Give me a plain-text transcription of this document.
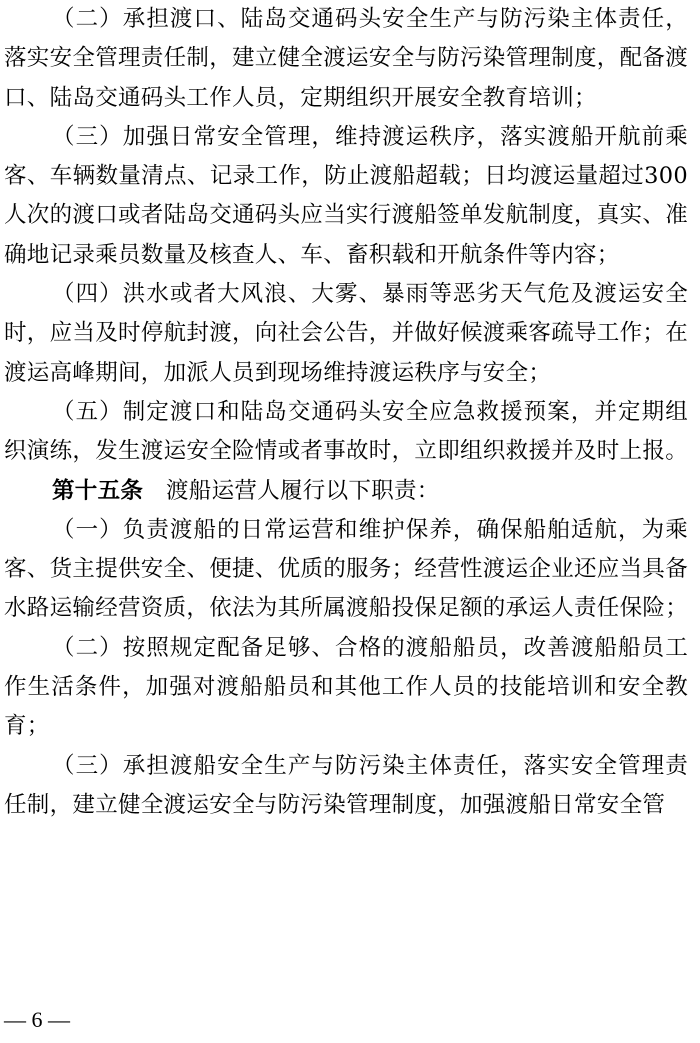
（二）承担渡口、陆岛交通码头安全生产与防污染主体责任，落实安全管理责任制，建立健全渡运安全与防污染管理制度，配备渡口、陆岛交通码头工作人员，定期组织开展安全教育培训；

（三）加强日常安全管理，维持渡运秩序，落实渡船开航前乘客、车辆数量清点、记录工作，防止渡船超载；日均渡运量超过300人次的渡口或者陆岛交通码头应当实行渡船签单发航制度，真实、准确地记录乘员数量及核查人、车、畜积载和开航条件等内容；

（四）洪水或者大风浪、大雾、暴雨等恶劣天气危及渡运安全时，应当及时停航封渡，向社会公告，并做好候渡乘客疏导工作；在渡运高峰期间，加派人员到现场维持渡运秩序与安全；

（五）制定渡口和陆岛交通码头安全应急救援预案，并定期组织演练，发生渡运安全险情或者事故时，立即组织救援并及时上报。

第十五条　渡船运营人履行以下职责：

（一）负责渡船的日常运营和维护保养，确保船舶适航，为乘客、货主提供安全、便捷、优质的服务；经营性渡运企业还应当具备水路运输经营资质，依法为其所属渡船投保足额的承运人责任保险；

（二）按照规定配备足够、合格的渡船船员，改善渡船船员工作生活条件，加强对渡船船员和其他工作人员的技能培训和安全教育；

（三）承担渡船安全生产与防污染主体责任，落实安全管理责任制，建立健全渡运安全与防污染管理制度，加强渡船日常安全管

— 6 —
